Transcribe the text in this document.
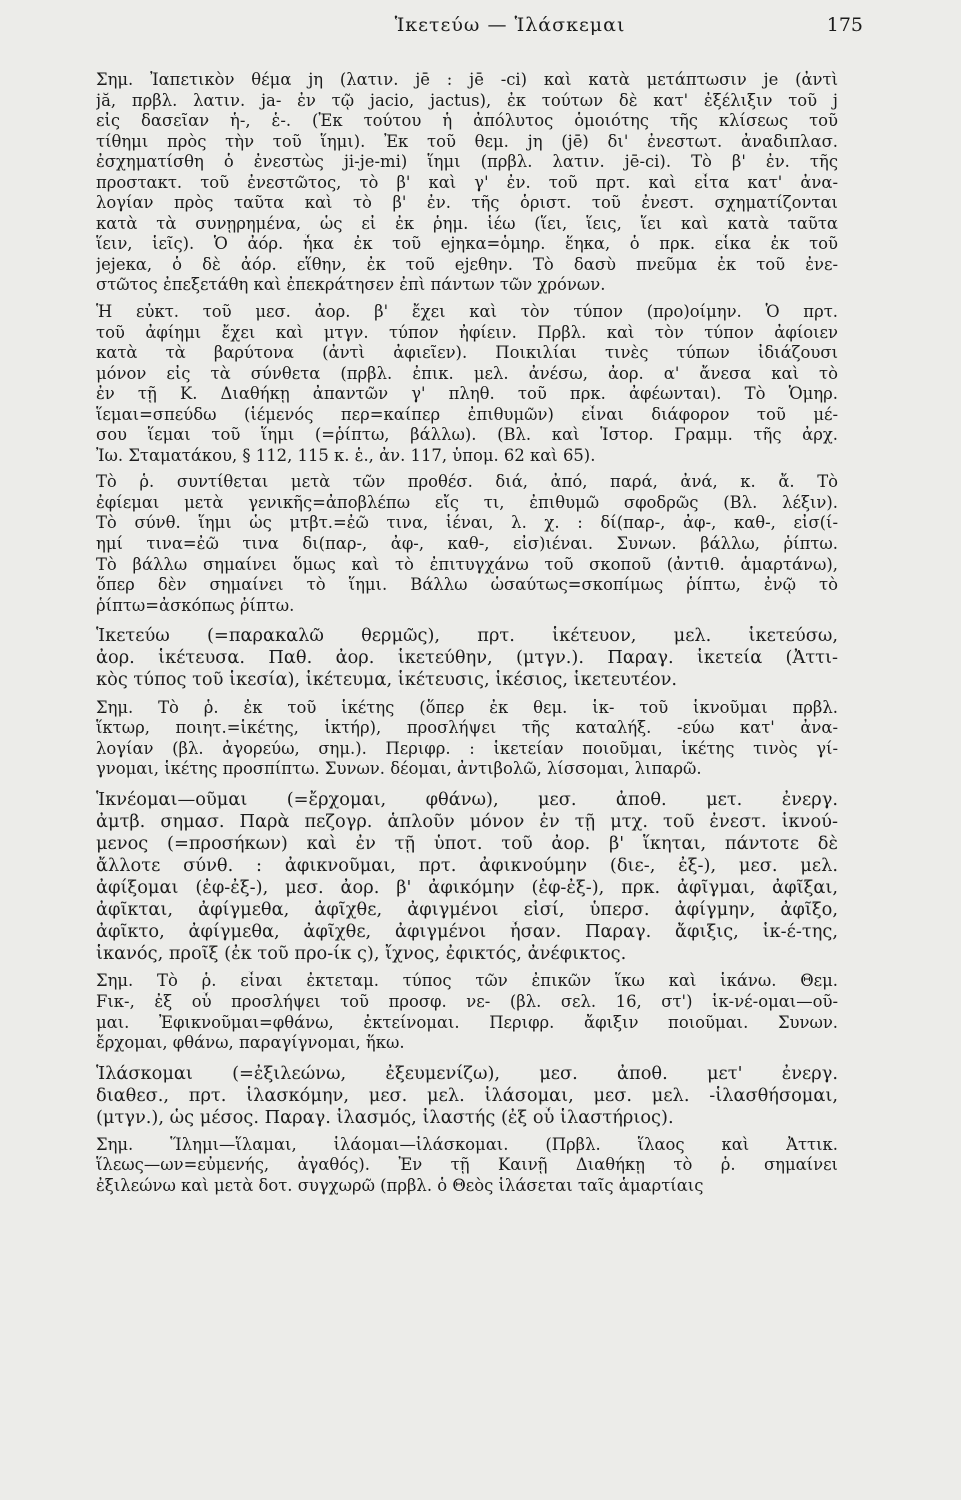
Ἱκετεύω — Ἱλάσκεμαι	175
Σημ. Ἰαπετικὸν θέμα jη (λατιν. jē : jē -ci) καὶ κατὰ μετάπτωσιν je (ἀντὶ
jă, πρβλ. λατιν. ja- ἐν τῷ jacio, jactus), ἐκ τούτων δὲ κατ' ἐξέλιξιν τοῦ j
εἰς δασεῖαν ἡ-, ἑ-. (Ἐκ τούτου ἡ ἀπόλυτος ὁμοιότης τῆς κλίσεως τοῦ
τίθημι πρὸς τὴν τοῦ ἵημι). Ἐκ τοῦ θεμ. jη (jē) δι' ἐνεστωτ. ἀναδιπλασ.
ἐσχηματίσθη ὁ ἐνεστὼς ji-je-mi) ἵημι (πρβλ. λατιν. jē-ci). Τὸ β' ἐν. τῆς
προστακτ. τοῦ ἐνεστῶτος, τὸ β' καὶ γ' ἐν. τοῦ πρτ. καὶ εἶτα κατ' ἀνα-
λογίαν πρὸς ταῦτα καὶ τὸ β' ἐν. τῆς ὁριστ. τοῦ ἐνεστ. σχηματίζονται
κατὰ τὰ συνῃρημένα, ὡς εἰ ἐκ ῥημ. ἱέω (ἵει, ἵεις, ἵει καὶ κατὰ ταῦτα
ἵειν, ἱεῖς). Ὁ ἀόρ. ἧκα ἐκ τοῦ ejηκα=ὁμηρ. ἕηκα, ὁ πρκ. εἷκα ἐκ τοῦ
jejeκα, ὁ δὲ ἀόρ. εἵθην, ἐκ τοῦ ejεθην. Τὸ δασὺ πνεῦμα ἐκ τοῦ ἐνε-
στῶτος ἐπεξετάθη καὶ ἐπεκράτησεν ἐπὶ πάντων τῶν χρόνων.
Ἡ εὐκτ. τοῦ μεσ. ἀορ. β' ἔχει καὶ τὸν τύπον (προ)οίμην. Ὁ πρτ.
τοῦ ἀφίημι ἔχει καὶ μτγν. τύπον ἠφίειν. Πρβλ. καὶ τὸν τύπον ἀφίοιεν
κατὰ τὰ βαρύτονα (ἀντὶ ἀφιεῖεν). Ποικιλίαι τινὲς τύπων ἰδιάζουσι
μόνον εἰς τὰ σύνθετα (πρβλ. ἐπικ. μελ. ἀνέσω, ἀορ. α' ἄνεσα καὶ τὸ
ἐν τῇ Κ. Διαθήκῃ ἀπαντῶν γ' πληθ. τοῦ πρκ. ἀφέωνται). Τὸ Ὁμηρ.
ἵεμαι=σπεύδω (ἱέμενός περ=καίπερ ἐπιθυμῶν) εἶναι διάφορον τοῦ μέ-
σου ἵεμαι τοῦ ἵημι (=ῥίπτω, βάλλω). (Βλ. καὶ Ἱστορ. Γραμμ. τῆς ἀρχ.
Ἰω. Σταματάκου, § 112, 115 κ. ἑ., ἀν. 117, ὑπομ. 62 καὶ 65).
Τὸ ῥ. συντίθεται μετὰ τῶν προθέσ. διά, ἀπό, παρά, ἀνά, κ. ἄ. Τὸ
ἐφίεμαι μετὰ γενικῆς=ἀποβλέπω εἴς τι, ἐπιθυμῶ σφοδρῶς (Βλ. λέξιν).
Τὸ σύνθ. ἵημι ὡς μτβτ.=ἐῶ τινα, ἱέναι, λ. χ. : δί(παρ-, ἀφ-, καθ-, εἰσ(ί-
ημί τινα=ἐῶ τινα δι(παρ-, ἀφ-, καθ-, εἰσ)ιέναι. Συνων. βάλλω, ῥίπτω.
Τὸ βάλλω σημαίνει ὅμως καὶ τὸ ἐπιτυγχάνω τοῦ σκοποῦ (ἀντιθ. ἁμαρτάνω),
ὅπερ δὲν σημαίνει τὸ ἵημι. Βάλλω ὡσαύτως=σκοπίμως ῥίπτω, ἐνῷ τὸ
ῥίπτω=ἀσκόπως ῥίπτω.
Ἱκετεύω (=παρακαλῶ θερμῶς), πρτ. ἱκέτευον, μελ. ἱκετεύσω,
ἀορ. ἱκέτευσα. Παθ. ἀορ. ἱκετεύθην, (μτγν.). Παραγ. ἱκετεία (Ἀττι-
κὸς τύπος τοῦ ἱκεσία), ἱκέτευμα, ἱκέτευσις, ἱκέσιος, ἱκετευτέον.
Σημ. Τὸ ῥ. ἐκ τοῦ ἱκέτης (ὅπερ ἐκ θεμ. ἱκ- τοῦ ἱκνοῦμαι πρβλ.
ἵκτωρ, ποιητ.=ἱκέτης, ἱκτήρ), προσλήψει τῆς καταλήξ. -εύω κατ' ἀνα-
λογίαν (βλ. ἀγορεύω, σημ.). Περιφρ. : ἱκετείαν ποιοῦμαι, ἱκέτης τινὸς γί-
γνομαι, ἱκέτης προσπίπτω. Συνων. δέομαι, ἀντιβολῶ, λίσσομαι, λιπαρῶ.
Ἱκνέομαι—οῦμαι (=ἔρχομαι, φθάνω), μεσ. ἀποθ. μετ. ἐνεργ.
ἀμτβ. σημασ. Παρὰ πεζογρ. ἁπλοῦν μόνον ἐν τῇ μτχ. τοῦ ἐνεστ. ἱκνού-
μενος (=προσήκων) καὶ ἐν τῇ ὑποτ. τοῦ ἀορ. β' ἵκηται, πάντοτε δὲ
ἄλλοτε σύνθ. : ἀφικνοῦμαι, πρτ. ἀφικνούμην (διε-, ἐξ-), μεσ. μελ.
ἀφίξομαι (ἐφ-ἐξ-), μεσ. ἀορ. β' ἀφικόμην (ἐφ-ἐξ-), πρκ. ἀφῖγμαι, ἀφῖξαι,
ἀφῖκται, ἀφίγμεθα, ἀφῖχθε, ἀφιγμένοι εἰσί, ὑπερσ. ἀφίγμην, ἀφῖξο,
ἀφῖκτο, ἀφίγμεθα, ἀφῖχθε, ἀφιγμένοι ἦσαν. Παραγ. ἄφιξις, ἱκ-έ-της,
ἱκανός, προῖξ (ἐκ τοῦ προ-ίκ ς), ἴχνος, ἐφικτός, ἀνέφικτος.
Σημ. Τὸ ῥ. εἶναι ἐκτεταμ. τύπος τῶν ἐπικῶν ἵκω καὶ ἱκάνω. Θεμ.
Fικ-, ἐξ οὗ προσλήψει τοῦ προσφ. νε- (βλ. σελ. 16, στ') ἱκ-νέ-ομαι—οῦ-
μαι. Ἐφικνοῦμαι=φθάνω, ἐκτείνομαι. Περιφρ. ἄφιξιν ποιοῦμαι. Συνων.
ἔρχομαι, φθάνω, παραγίγνομαι, ἥκω.
Ἱλάσκομαι (=ἐξιλεώνω, ἐξευμενίζω), μεσ. ἀποθ. μετ' ἐνεργ.
διαθεσ., πρτ. ἱλασκόμην, μεσ. μελ. ἱλάσομαι, μεσ. μελ. -ἱλασθήσομαι,
(μτγν.), ὡς μέσος. Παραγ. ἱλασμός, ἱλαστής (ἐξ οὗ ἱλαστήριος).
Σημ. Ἵλημι—ἵλαμαι, ἱλάομαι—ἱλάσκομαι. (Πρβλ. ἵλαος καὶ Ἀττικ.
ἵλεως—ων=εὐμενής, ἀγαθός). Ἐν τῇ Καινῇ Διαθήκῃ τὸ ῥ. σημαίνει
ἐξιλεώνω καὶ μετὰ δοτ. συγχωρῶ (πρβλ. ὁ Θεὸς ἱλάσεται ταῖς ἁμαρτίαις
